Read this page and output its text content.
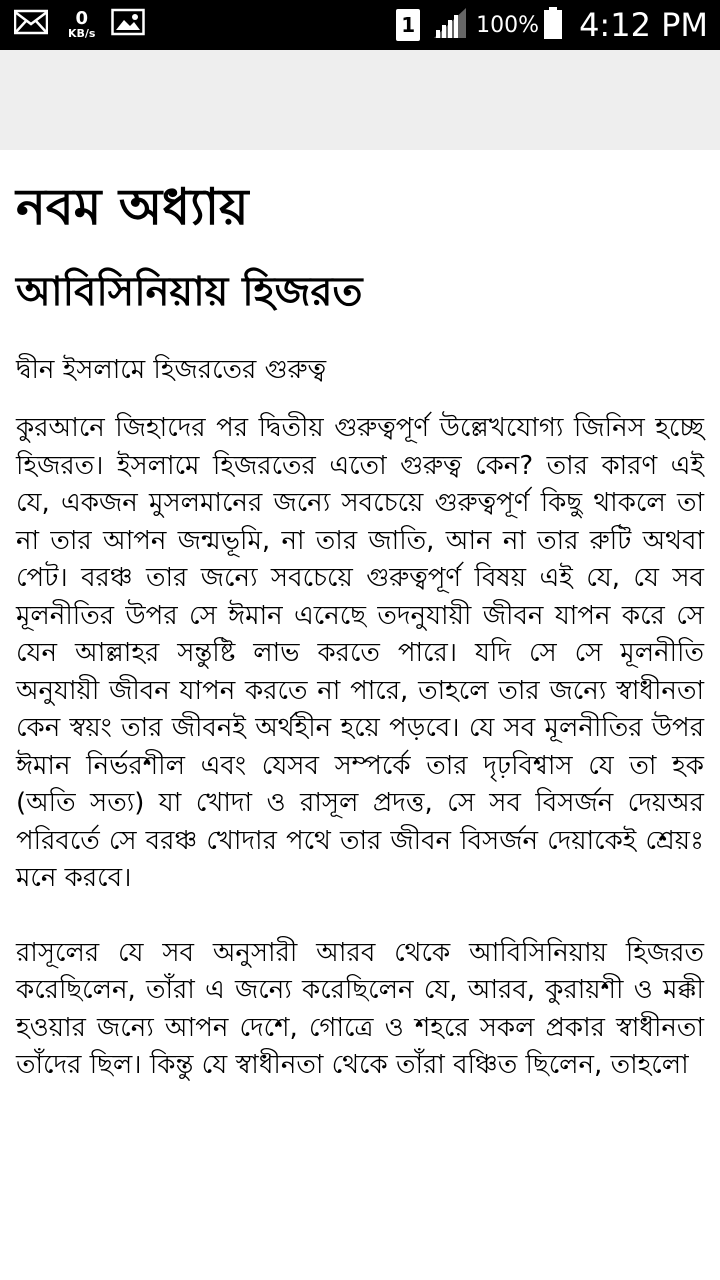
0
KB/s	1	100% 4:12 PM
নবম অধ্যায়
আবিসিনিয়ায় হিজরত

দ্বীন ইসলামে হিজরতের গুরুত্ব

কুরআনে জিহাদের পর দ্বিতীয় গুরুত্বপূর্ণ উল্লেখযোগ্য জিনিস হচ্ছে হিজরত। ইসলামে হিজরতের এতো গুরুত্ব কেন? তার কারণ এই যে, একজন মুসলমানের জন্যে সবচেয়ে গুরুত্বপূর্ণ কিছু থাকলে তা না তার আপন জন্মভূমি, না তার জাতি, আন না তার রুটি অথবা পেট। বরঞ্চ তার জন্যে সবচেয়ে গুরুত্বপূর্ণ বিষয় এই যে, যে সব মূলনীতির উপর সে ঈমান এনেছে তদনুযায়ী জীবন যাপন করে সে যেন আল্লাহর সন্তুষ্টি লাভ করতে পারে। যদি সে সে মূলনীতি অনুযায়ী জীবন যাপন করতে না পারে, তাহলে তার জন্যে স্বাধীনতা কেন স্বয়ং তার জীবনই অর্থহীন হয়ে পড়বে। যে সব মূলনীতির উপর ঈমান নির্ভরশীল এবং যেসব সম্পর্কে তার দৃঢ়বিশ্বাস যে তা হক (অতি সত্য) যা খোদা ও রাসূল প্রদত্ত, সে সব বিসর্জন দেয়অর পরিবর্তে সে বরঞ্চ খোদার পথে তার জীবন বিসর্জন দেয়াকেই শ্রেয়ঃ মনে করবে।

রাসূলের যে সব অনুসারী আরব থেকে আবিসিনিয়ায় হিজরত করেছিলেন, তাঁরা এ জন্যে করেছিলেন যে, আরব, কুরায়শী ও মক্কী হওয়ার জন্যে আপন দেশে, গোত্রে ও শহরে সকল প্রকার স্বাধীনতা তাঁদের ছিল। কিন্তু যে স্বাধীনতা থেকে তাঁরা বঞ্চিত ছিলেন, তাহলো
